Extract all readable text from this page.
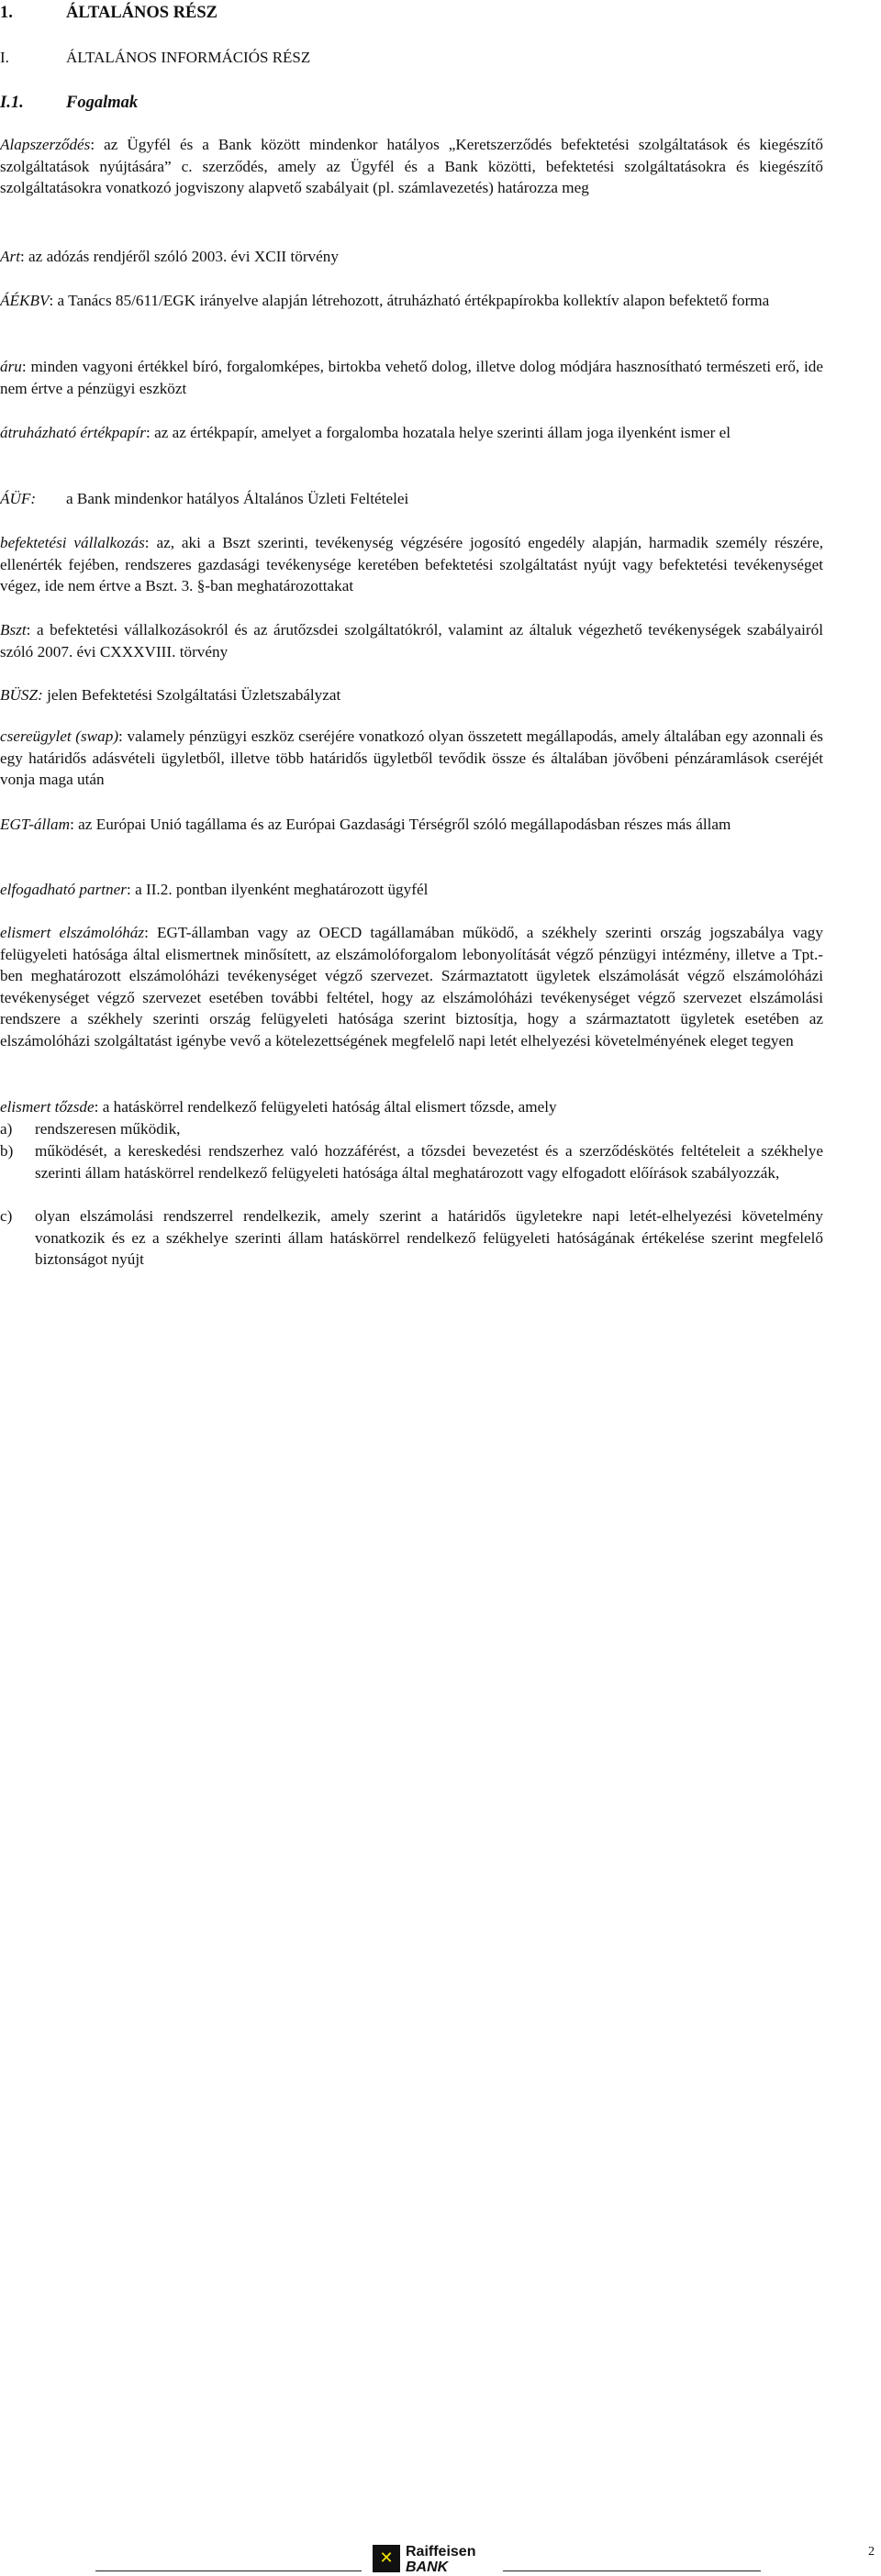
1.	ÁLTALÁNOS RÉSZ
I.	ÁLTALÁNOS INFORMÁCIÓS RÉSZ
I.1.	Fogalmak

Alapszerződés: az Ügyfél és a Bank között mindenkor hatályos „Keretszerződés befektetési szolgáltatások és kiegészítő szolgáltatások nyújtására” c. szerződés, amely az Ügyfél és a Bank közötti, befektetési szolgáltatásokra és kiegészítő szolgáltatásokra vonatkozó jogviszony alapvető szabályait (pl. számlavezetés) határozza meg

Art: az adózás rendjéről szóló 2003. évi XCII törvény

ÁÉKBV: a Tanács 85/611/EGK irányelve alapján létrehozott, átruházható értékpapírokba kollektív alapon befektető forma

áru: minden vagyoni értékkel bíró, forgalomképes, birtokba vehető dolog, illetve dolog módjára hasznosítható természeti erő, ide nem értve a pénzügyi eszközt

átruházható értékpapír: az az értékpapír, amelyet a forgalomba hozatala helye szerinti állam joga ilyenként ismer el

ÁÜF: a Bank mindenkor hatályos Általános Üzleti Feltételei

befektetési vállalkozás: az, aki a Bszt szerinti, tevékenység végzésére jogosító engedély alapján, harmadik személy részére, ellenérték fejében, rendszeres gazdasági tevékenysége keretében befektetési szolgáltatást nyújt vagy befektetési tevékenységet végez, ide nem értve a Bszt. 3. §-ban meghatározottakat

Bszt: a befektetési vállalkozásokról és az árutőzsdei szolgáltatókról, valamint az általuk végezhető tevékenységek szabályairól szóló 2007. évi CXXXVIII. törvény

BÜSZ: jelen Befektetési Szolgáltatási Üzletszabályzat

csereügylet (swap): valamely pénzügyi eszköz cseréjére vonatkozó olyan összetett megállapodás, amely általában egy azonnali és egy határidős adásvételi ügyletből, illetve több határidős ügyletből tevődik össze és általában jövőbeni pénzáramlások cseréjét vonja maga után

EGT-állam: az Európai Unió tagállama és az Európai Gazdasági Térségről szóló megállapodásban részes más állam

elfogadható partner: a II.2. pontban ilyenként meghatározott ügyfél

elismert elszámolóház: EGT-államban vagy az OECD tagállamában működő, a székhely szerinti ország jogszabálya vagy felügyeleti hatósága által elismertnek minősített, az elszámolóforgalom lebonyolítását végző pénzügyi intézmény, illetve a Tpt.-ben meghatározott elszámolóházi tevékenységet végző szervezet. Származtatott ügyletek elszámolását végző elszámolóházi tevékenységet végző szervezet esetében további feltétel, hogy az elszámolóházi tevékenységet végző szervezet elszámolási rendszere a székhely szerinti ország felügyeleti hatósága szerint biztosítja, hogy a származtatott ügyletek esetében az elszámolóházi szolgáltatást igénybe vevő a kötelezettségének megfelelő napi letét elhelyezési követelményének eleget tegyen

elismert tőzsde: a hatáskörrel rendelkező felügyeleti hatóság által elismert tőzsde, amely

a) rendszeresen működik,
b) működését, a kereskedési rendszerhez való hozzáférést, a tőzsdei bevezetést és a szerződéskötés feltételeit a székhelye szerinti állam hatáskörrel rendelkező felügyeleti hatósága által meghatározott vagy elfogadott előírások szabályozzák,
c) olyan elszámolási rendszerrel rendelkezik, amely szerint a határidős ügyletekre napi letét-elhelyezési követelmény vonatkozik és ez a székhelye szerinti állam hatáskörrel rendelkező felügyeleti hatóságának értékelése szerint megfelelő biztonságot nyújt
✕ Raiffeisen
BANK
2
